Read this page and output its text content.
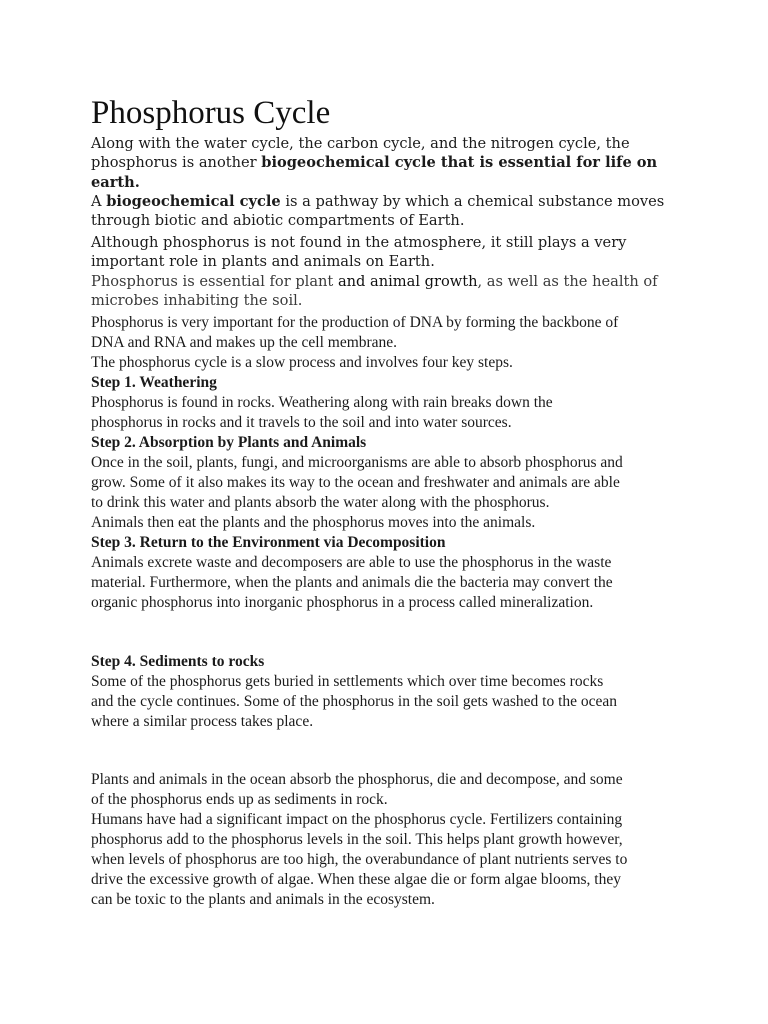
Phosphorus Cycle
Along with the water cycle, the carbon cycle, and the nitrogen cycle, the
phosphorus is another biogeochemical cycle that is essential for life on
earth.
A biogeochemical cycle is a pathway by which a chemical substance moves
through biotic and abiotic compartments of Earth.
Although phosphorus is not found in the atmosphere, it still plays a very
important role in plants and animals on Earth.
Phosphorus is essential for plant and animal growth, as well as the health of
microbes inhabiting the soil.
Phosphorus is very important for the production of DNA by forming the backbone of
DNA and RNA and makes up the cell membrane.
The phosphorus cycle is a slow process and involves four key steps.
Step 1. Weathering
Phosphorus is found in rocks. Weathering along with rain breaks down the
phosphorus in rocks and it travels to the soil and into water sources.
Step 2. Absorption by Plants and Animals
Once in the soil, plants, fungi, and microorganisms are able to absorb phosphorus and
grow. Some of it also makes its way to the ocean and freshwater and animals are able
to drink this water and plants absorb the water along with the phosphorus.
Animals then eat the plants and the phosphorus moves into the animals.
Step 3. Return to the Environment via Decomposition
Animals excrete waste and decomposers are able to use the phosphorus in the waste
material. Furthermore, when the plants and animals die the bacteria may convert the
organic phosphorus into inorganic phosphorus in a process called mineralization.
Step 4. Sediments to rocks
Some of the phosphorus gets buried in settlements which over time becomes rocks
and the cycle continues. Some of the phosphorus in the soil gets washed to the ocean
where a similar process takes place.
Plants and animals in the ocean absorb the phosphorus, die and decompose, and some
of the phosphorus ends up as sediments in rock.
Humans have had a significant impact on the phosphorus cycle. Fertilizers containing
phosphorus add to the phosphorus levels in the soil. This helps plant growth however,
when levels of phosphorus are too high, the overabundance of plant nutrients serves to
drive the excessive growth of algae. When these algae die or form algae blooms, they
can be toxic to the plants and animals in the ecosystem.
